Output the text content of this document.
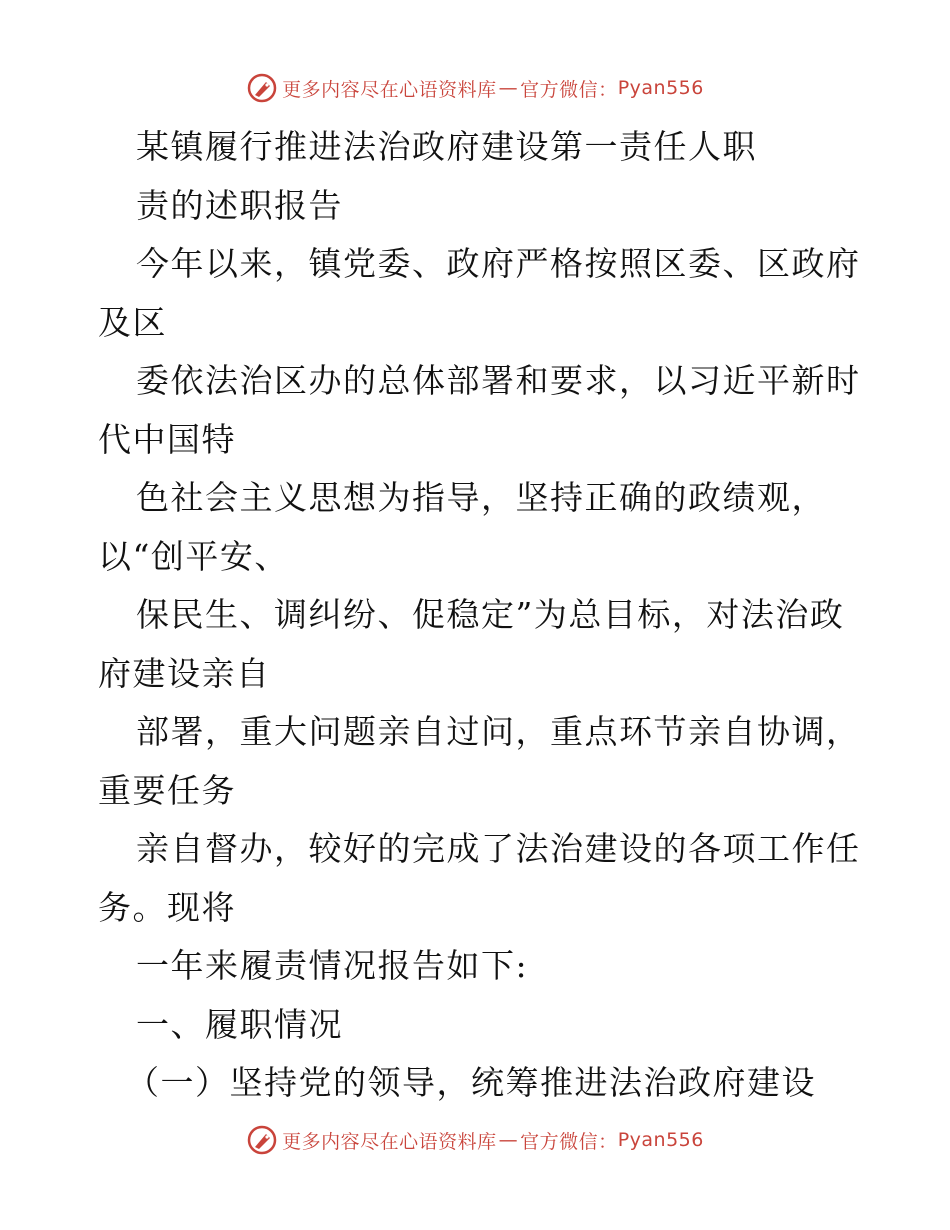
更多内容尽在心语资料库 — 官方微信： Pyan556
某镇履行推进法治政府建设第一责任人职
责的述职报告
今年以来，镇党委、政府严格按照区委、区政府
及区
委依法治区办的总体部署和要求，以习近平新时
代中国特
色社会主义思想为指导，坚持正确的政绩观，
以“创平安、
保民生、调纠纷、促稳定”为总目标，对法治政
府建设亲自
部署，重大问题亲自过问，重点环节亲自协调，
重要任务
亲自督办，较好的完成了法治建设的各项工作任
务。现将
一年来履责情况报告如下:
一、履职情况
（一）坚持党的领导，统筹推进法治政府建设
更多内容尽在心语资料库 — 官方微信： Pyan556
